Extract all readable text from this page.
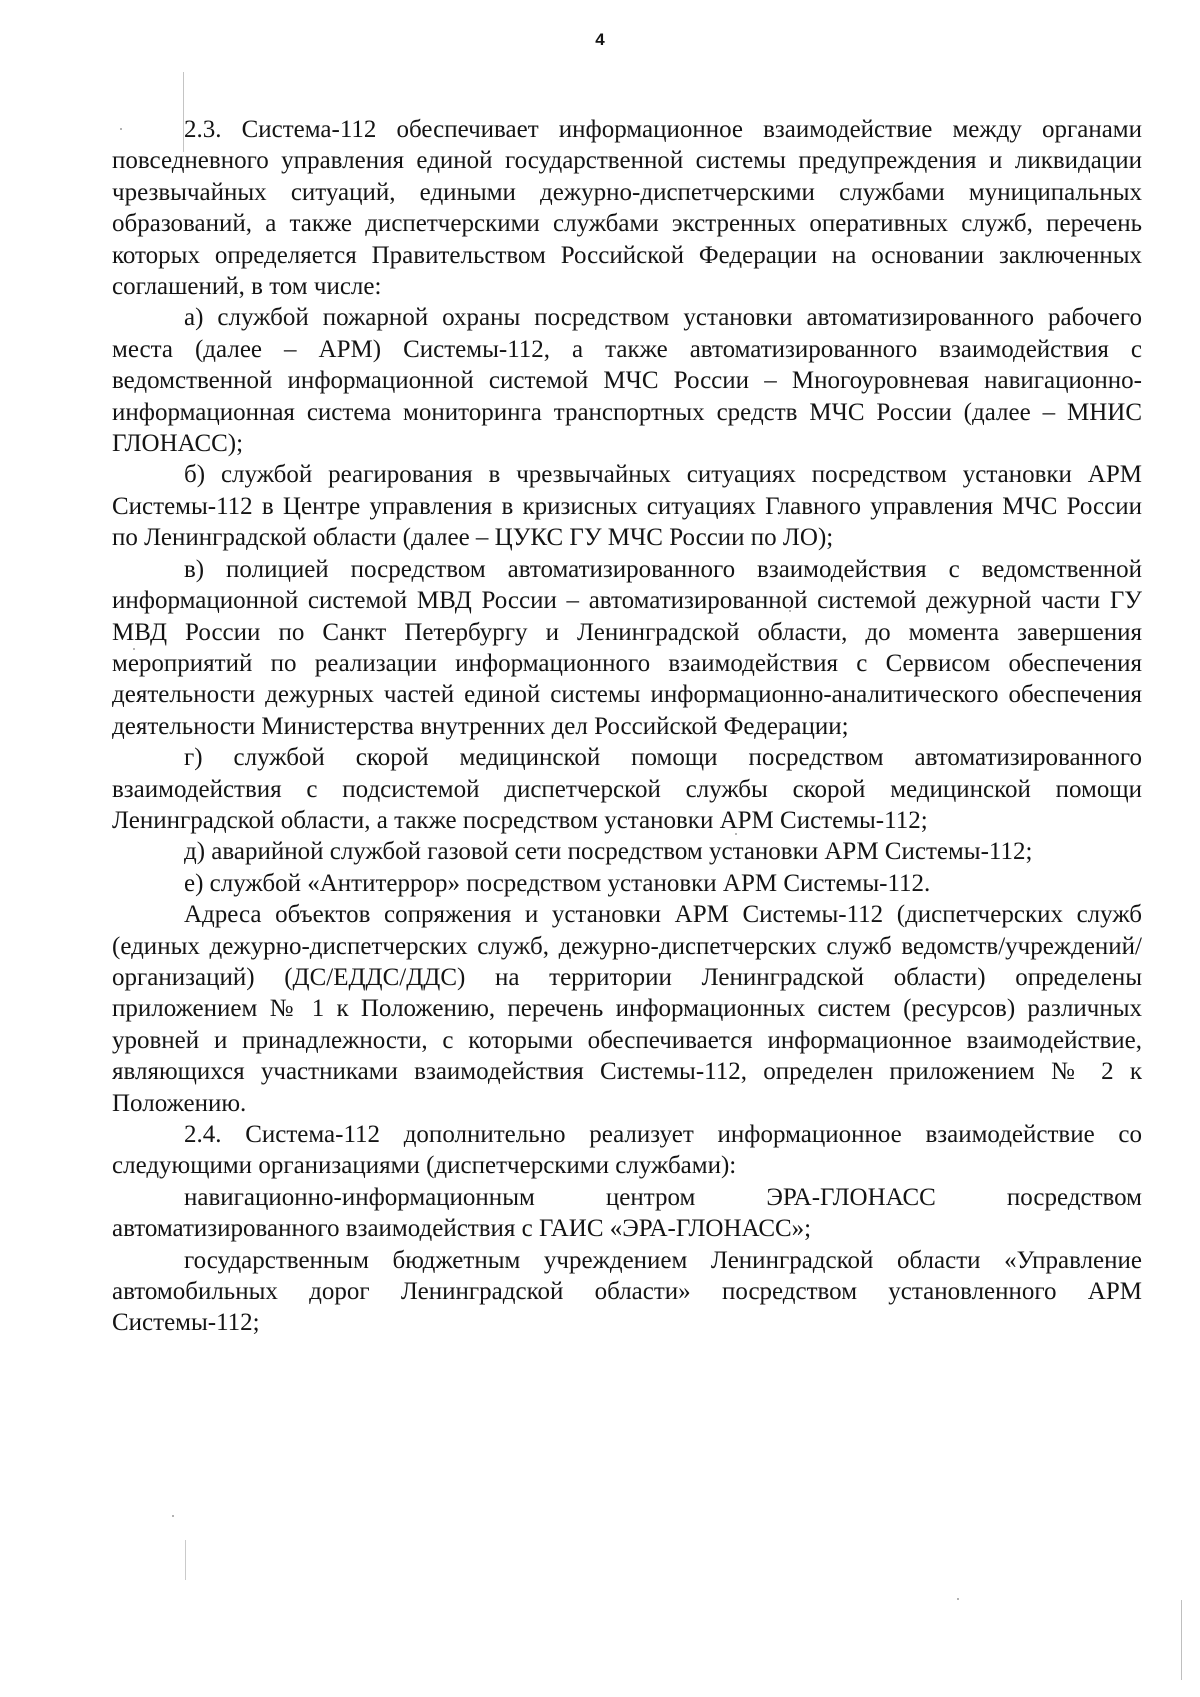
4

2.3. Система-112 обеспечивает информационное взаимодействие между органами повседневного управления единой государственной системы предупреждения и ликвидации чрезвычайных ситуаций, едиными дежурно-диспетчерскими службами муниципальных образований, а также диспетчерскими службами экстренных оперативных служб, перечень которых определяется Правительством Российской Федерации на основании заключенных соглашений, в том числе:

а) службой пожарной охраны посредством установки автоматизированного рабочего места (далее – АРМ) Системы-112, а также автоматизированного взаимодействия с ведомственной информационной системой МЧС России – Многоуровневая навигационно-информационная система мониторинга транспортных средств МЧС России (далее – МНИС ГЛОНАСС);

б) службой реагирования в чрезвычайных ситуациях посредством установки АРМ Системы-112 в Центре управления в кризисных ситуациях Главного управления МЧС России по Ленинградской области (далее – ЦУКС ГУ МЧС России по ЛО);

в) полицией посредством автоматизированного взаимодействия с ведомственной информационной системой МВД России – автоматизированной системой дежурной части ГУ МВД России по Санкт Петербургу и Ленинградской области, до момента завершения мероприятий по реализации информационного взаимодействия с Сервисом обеспечения деятельности дежурных частей единой системы информационно-аналитического обеспечения деятельности Министерства внутренних дел Российской Федерации;

г) службой скорой медицинской помощи посредством автоматизированного взаимодействия с подсистемой диспетчерской службы скорой медицинской помощи Ленинградской области, а также посредством установки АРМ Системы-112;

д) аварийной службой газовой сети посредством установки АРМ Системы-112;

е) службой «Антитеррор» посредством установки АРМ Системы-112.

Адреса объектов сопряжения и установки АРМ Системы-112 (диспетчерских служб (единых дежурно-диспетчерских служб, дежурно-диспетчерских служб ведомств/учреждений/организаций) (ДС/ЕДДС/ДДС) на территории Ленинградской области) определены приложением № 1 к Положению, перечень информационных систем (ресурсов) различных уровней и принадлежности, с которыми обеспечивается информационное взаимодействие, являющихся участниками взаимодействия Системы-112, определен приложением № 2 к Положению.

2.4. Система-112 дополнительно реализует информационное взаимодействие со следующими организациями (диспетчерскими службами):

навигационно-информационным центром ЭРА-ГЛОНАСС посредством автоматизированного взаимодействия с ГАИС «ЭРА-ГЛОНАСС»;

государственным бюджетным учреждением Ленинградской области «Управление автомобильных дорог Ленинградской области» посредством установленного АРМ Системы-112;
